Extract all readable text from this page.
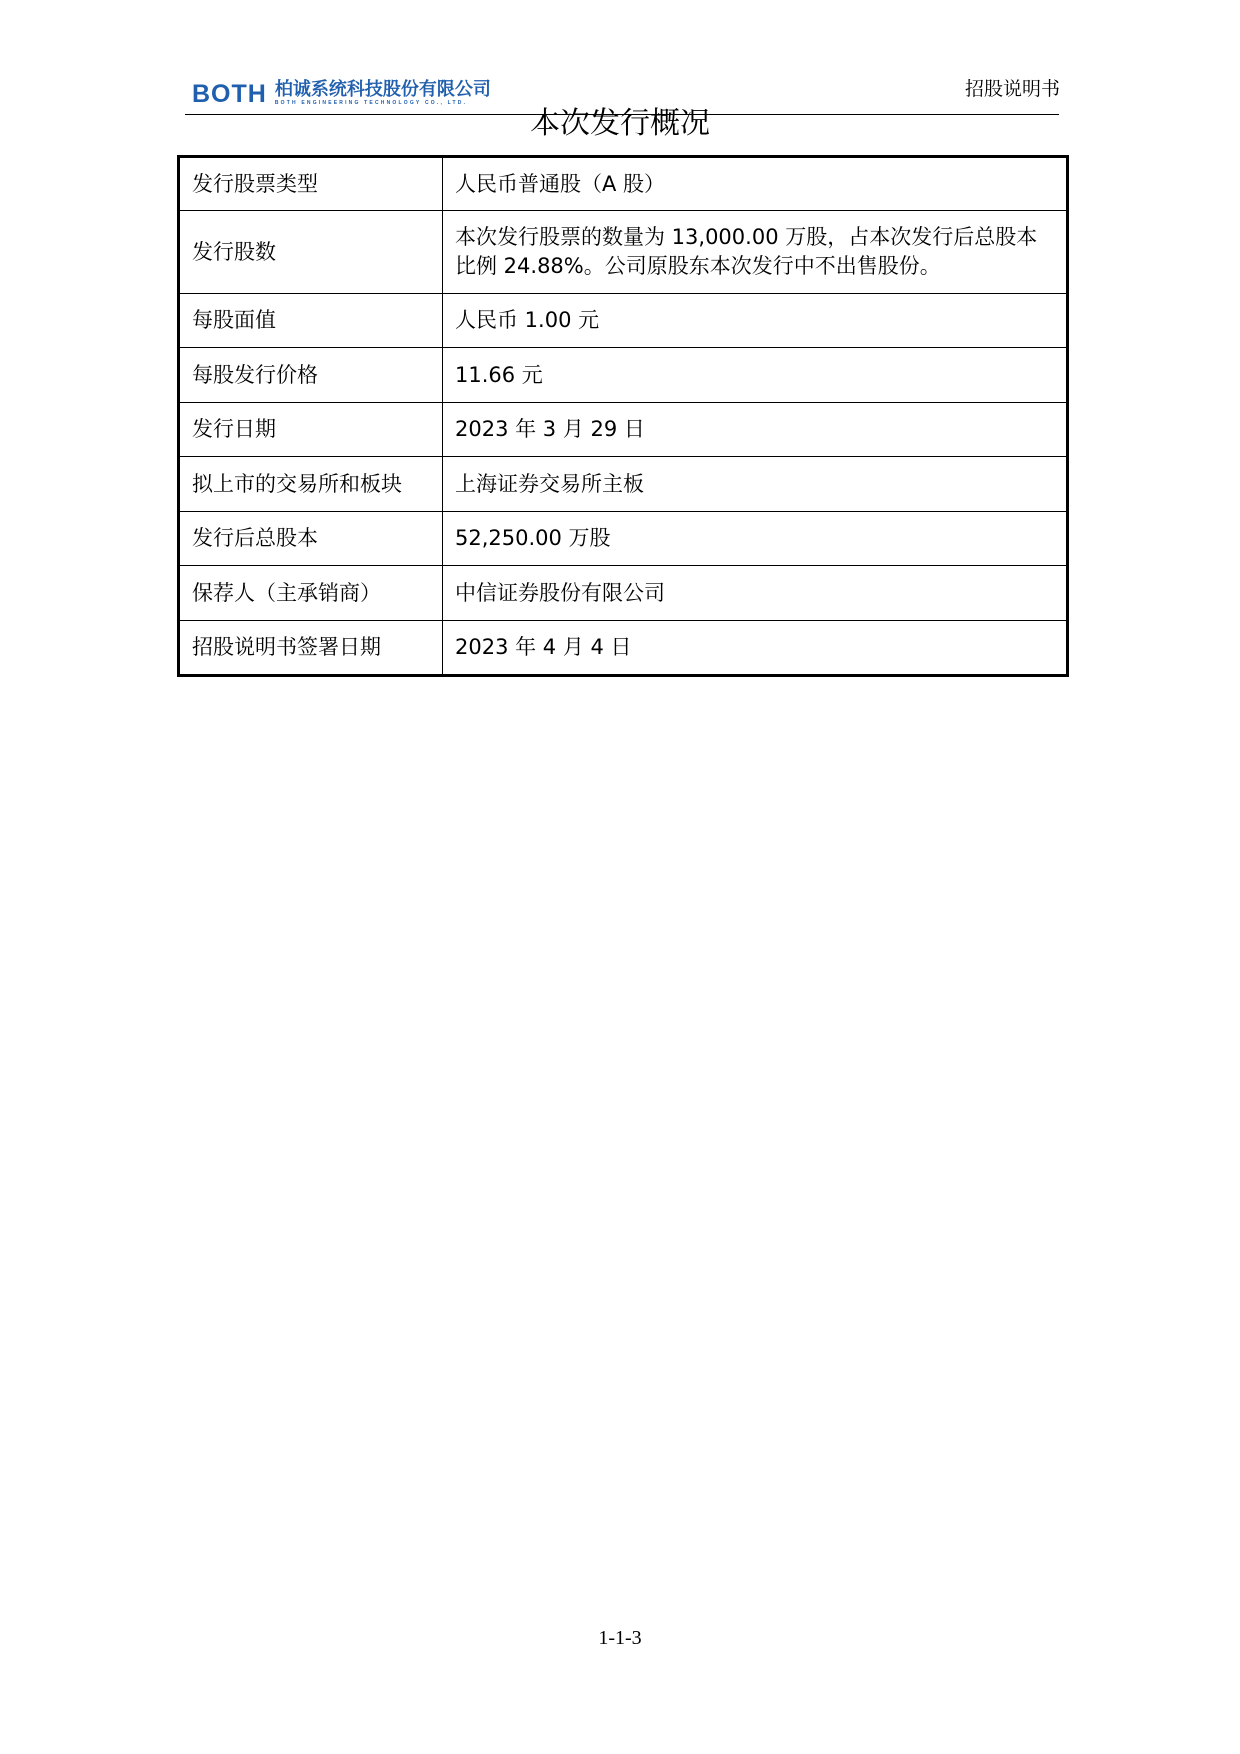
BOTH 柏诚系统科技股份有限公司
BOTH ENGINEERING TECHNOLOGY CO., LTD.
招股说明书
本次发行概况
发行股票类型	人民币普通股（A 股）
发行股数	本次发行股票的数量为 13,000.00 万股，占本次发行后总股本比例 24.88%。公司原股东本次发行中不出售股份。
每股面值	人民币 1.00 元
每股发行价格	11.66 元
发行日期	2023 年 3 月 29 日
拟上市的交易所和板块	上海证券交易所主板
发行后总股本	52,250.00 万股
保荐人（主承销商）	中信证券股份有限公司
招股说明书签署日期	2023 年 4 月 4 日
1-1-3
